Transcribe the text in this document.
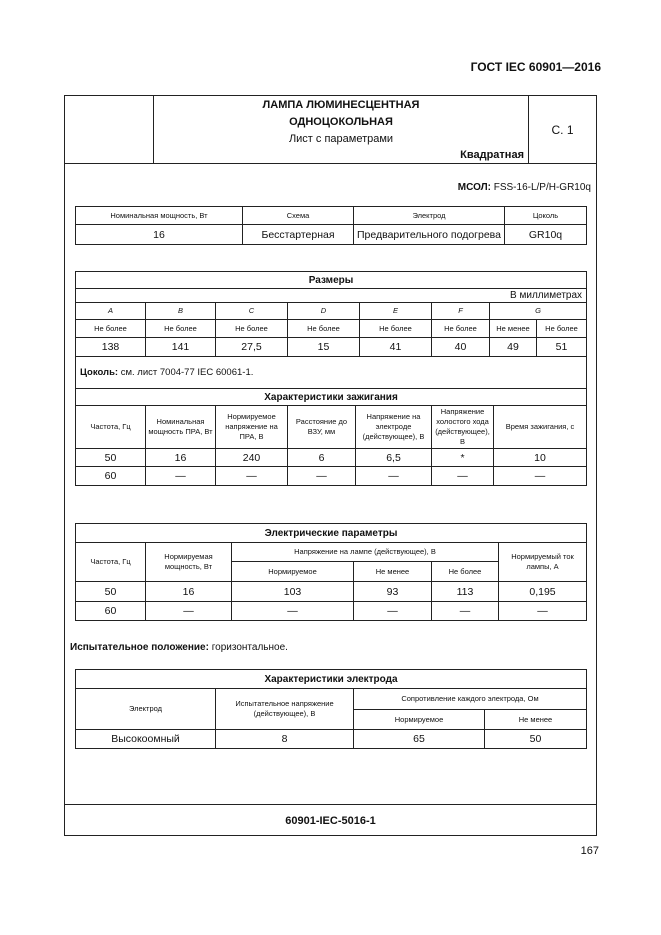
ГОСТ IEC 60901—2016
ЛАМПА ЛЮМИНЕСЦЕНТНАЯ
ОДНОЦОКОЛЬНАЯ
Лист с параметрами
Квадратная
С. 1
МСОЛ: FSS-16-L/P/H-GR10q
Номинальная мощность, Вт	Схема	Электрод	Цоколь
16	Бесстартерная	Предварительного подогрева	GR10q
Размеры									
В миллиметрах									
A	B	C	D		E	F	G		
Не более	Не более	Не более	Не более		Не более	Не более	Не менее		Не более
138	141	27,5	15		41	40	49		51
Цоколь: см. лист 7004-77 IEC 60061-1.									
Характеристики зажигания									
Частота, Гц	Номинальная мощность ПРА, Вт	Нормируемое напряжение на ПРА, В	Расстояние до ВЗУ, мм	Напряжение на электроде (действующее), В		Напряжение холостого хода (действующее), В		Время зажигания, с	
50	16	240	6	6,5		*		10	
60	—	—	—	—		—		—	
Электрические параметры					
Частота, Гц	Нормируемая мощность, Вт	Напряжение на лампе (действующее), В			Нормируемый ток лампы, А
		Нормируемое	Не менее	Не более	
50	16	103	93	113	0,195
60	—	—	—	—	—
Испытательное положение: горизонтальное.
Характеристики электрода			
Электрод	Испытательное напряжение (действующее), В	Сопротивление каждого электрода, Ом	
		Нормируемое	Не менее
Высокоомный	8	65	50
60901-IEC-5016-1
167
